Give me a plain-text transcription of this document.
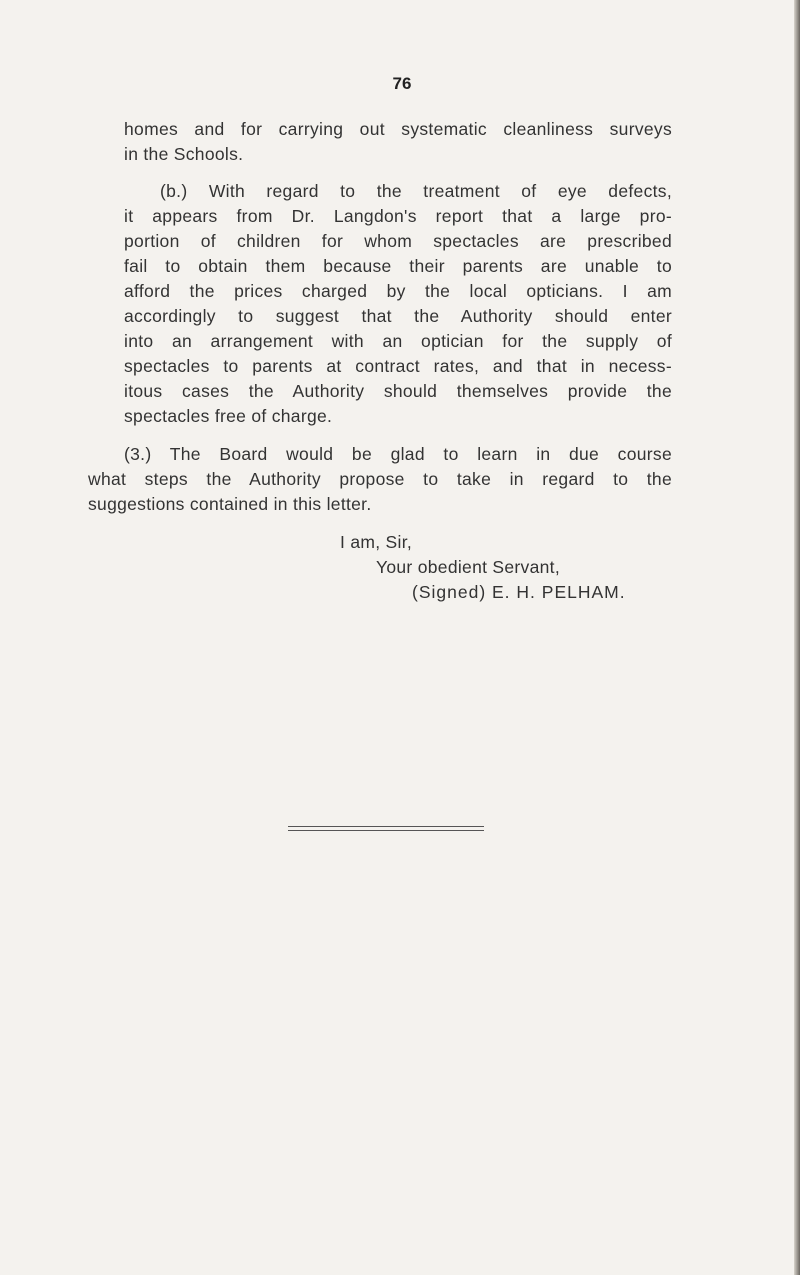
76
homes and for carrying out systematic cleanliness surveys
in the Schools.
(b.) With regard to the treatment of eye defects,
it appears from Dr. Langdon's report that a large pro-
portion of children for whom spectacles are prescribed
fail to obtain them because their parents are unable to
afford the prices charged by the local opticians. I am
accordingly to suggest that the Authority should enter
into an arrangement with an optician for the supply of
spectacles to parents at contract rates, and that in necess-
itous cases the Authority should themselves provide the
spectacles free of charge.
(3.) The Board would be glad to learn in due course
what steps the Authority propose to take in regard to the
suggestions contained in this letter.
I am, Sir,
Your obedient Servant,
(Signed) E. H. PELHAM.
